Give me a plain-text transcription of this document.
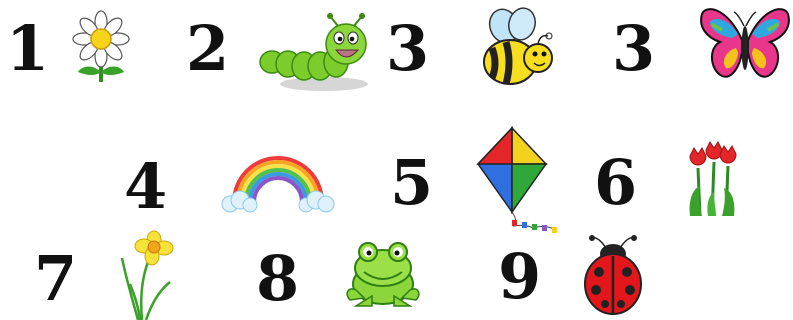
1 2	3	3
4	5	6
7	8	9
